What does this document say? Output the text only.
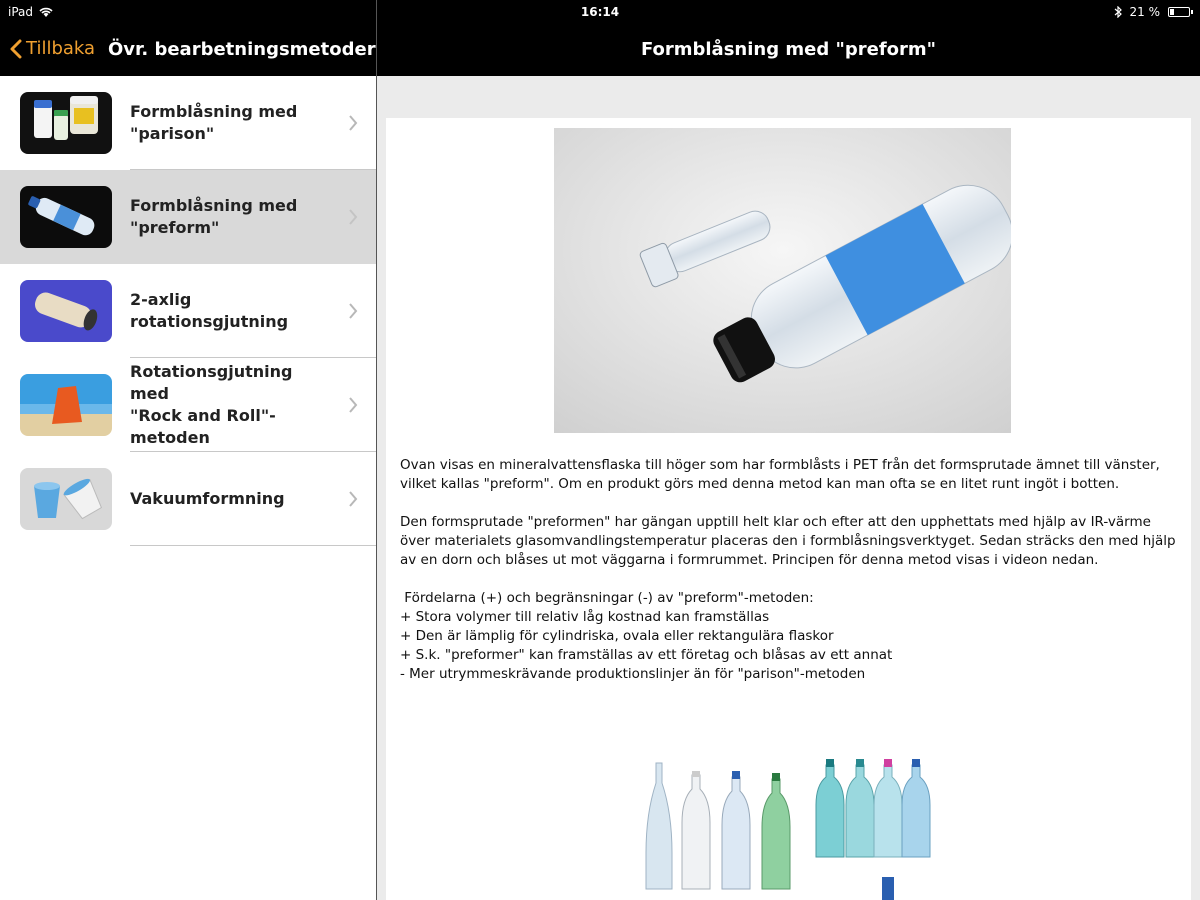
iPad	16:14	21 %
Tillbaka Övr. bearbetningsmetoder	Formblåsning med "preform"
Formblåsning med
"parison"
Formblåsning med
"preform"
2-axlig
rotationsgjutning
Rotationsgjutning med
"Rock and Roll"-
metoden
Vakuumformning

Ovan visas en mineralvattensflaska till höger som har formblåsts i PET från det formsprutade ämnet till vänster, vilket kallas "preform". Om en produkt görs med denna metod kan man ofta se en litet runt ingöt i botten.

Den formsprutade "preformen" har gängan upptill helt klar och efter att den upphettats med hjälp av IR-värme över materialets glasomvandlingstemperatur placeras den i formblåsningsverktyget. Sedan sträcks den med hjälp av en dorn och blåses ut mot väggarna i formrummet. Principen för denna metod visas i videon nedan.

Fördelarna (+) och begränsningar (-) av "preform"-metoden:
+ Stora volymer till relativ låg kostnad kan framställas
+ Den är lämplig för cylindriska, ovala eller rektangulära flaskor
+ S.k. "preformer" kan framställas av ett företag och blåsas av ett annat
- Mer utrymmeskrävande produktionslinjer än för "parison"-metoden
